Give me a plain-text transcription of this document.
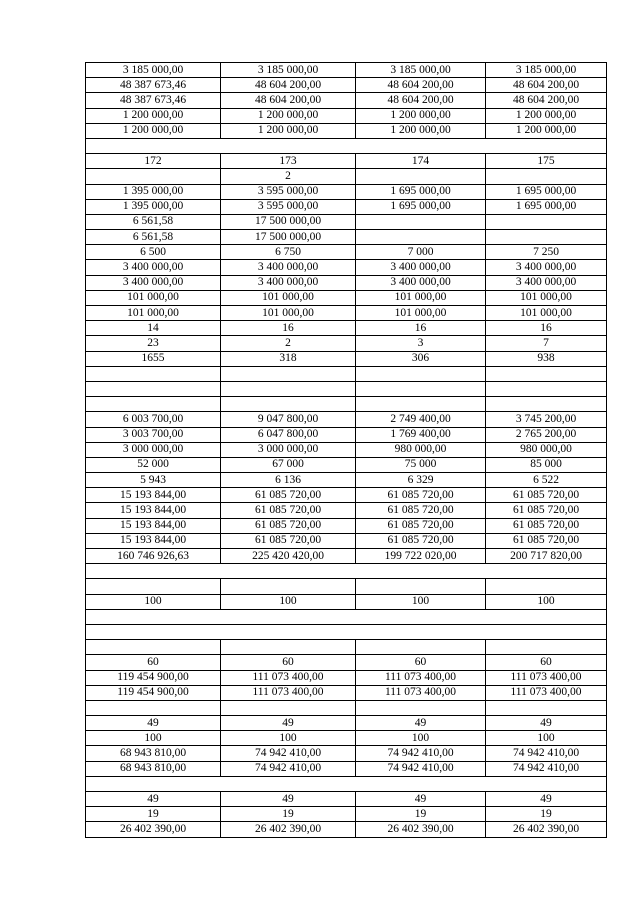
3 185 000,00	3 185 000,00	3 185 000,00	3 185 000,00
48 387 673,46	48 604 200,00	48 604 200,00	48 604 200,00
48 387 673,46	48 604 200,00	48 604 200,00	48 604 200,00
1 200 000,00	1 200 000,00	1 200 000,00	1 200 000,00
1 200 000,00	1 200 000,00	1 200 000,00	1 200 000,00

172	173	174	175
	2		
1 395 000,00	3 595 000,00	1 695 000,00	1 695 000,00
1 395 000,00	3 595 000,00	1 695 000,00	1 695 000,00
6 561,58	17 500 000,00		
6 561,58	17 500 000,00		
6 500	6 750	7 000	7 250
3 400 000,00	3 400 000,00	3 400 000,00	3 400 000,00
3 400 000,00	3 400 000,00	3 400 000,00	3 400 000,00
101 000,00	101 000,00	101 000,00	101 000,00
101 000,00	101 000,00	101 000,00	101 000,00
14	16	16	16
23	2	3	7
1655	318	306	938

6 003 700,00	9 047 800,00	2 749 400,00	3 745 200,00
3 003 700,00	6 047 800,00	1 769 400,00	2 765 200,00
3 000 000,00	3 000 000,00	980 000,00	980 000,00
52 000	67 000	75 000	85 000
5 943	6 136	6 329	6 522
15 193 844,00	61 085 720,00	61 085 720,00	61 085 720,00
15 193 844,00	61 085 720,00	61 085 720,00	61 085 720,00
15 193 844,00	61 085 720,00	61 085 720,00	61 085 720,00
15 193 844,00	61 085 720,00	61 085 720,00	61 085 720,00
160 746 926,63	225 420 420,00	199 722 020,00	200 717 820,00

100	100	100	100

60	60	60	60
119 454 900,00	111 073 400,00	111 073 400,00	111 073 400,00
119 454 900,00	111 073 400,00	111 073 400,00	111 073 400,00

49	49	49	49
100	100	100	100
68 943 810,00	74 942 410,00	74 942 410,00	74 942 410,00
68 943 810,00	74 942 410,00	74 942 410,00	74 942 410,00

49	49	49	49
19	19	19	19
26 402 390,00	26 402 390,00	26 402 390,00	26 402 390,00
